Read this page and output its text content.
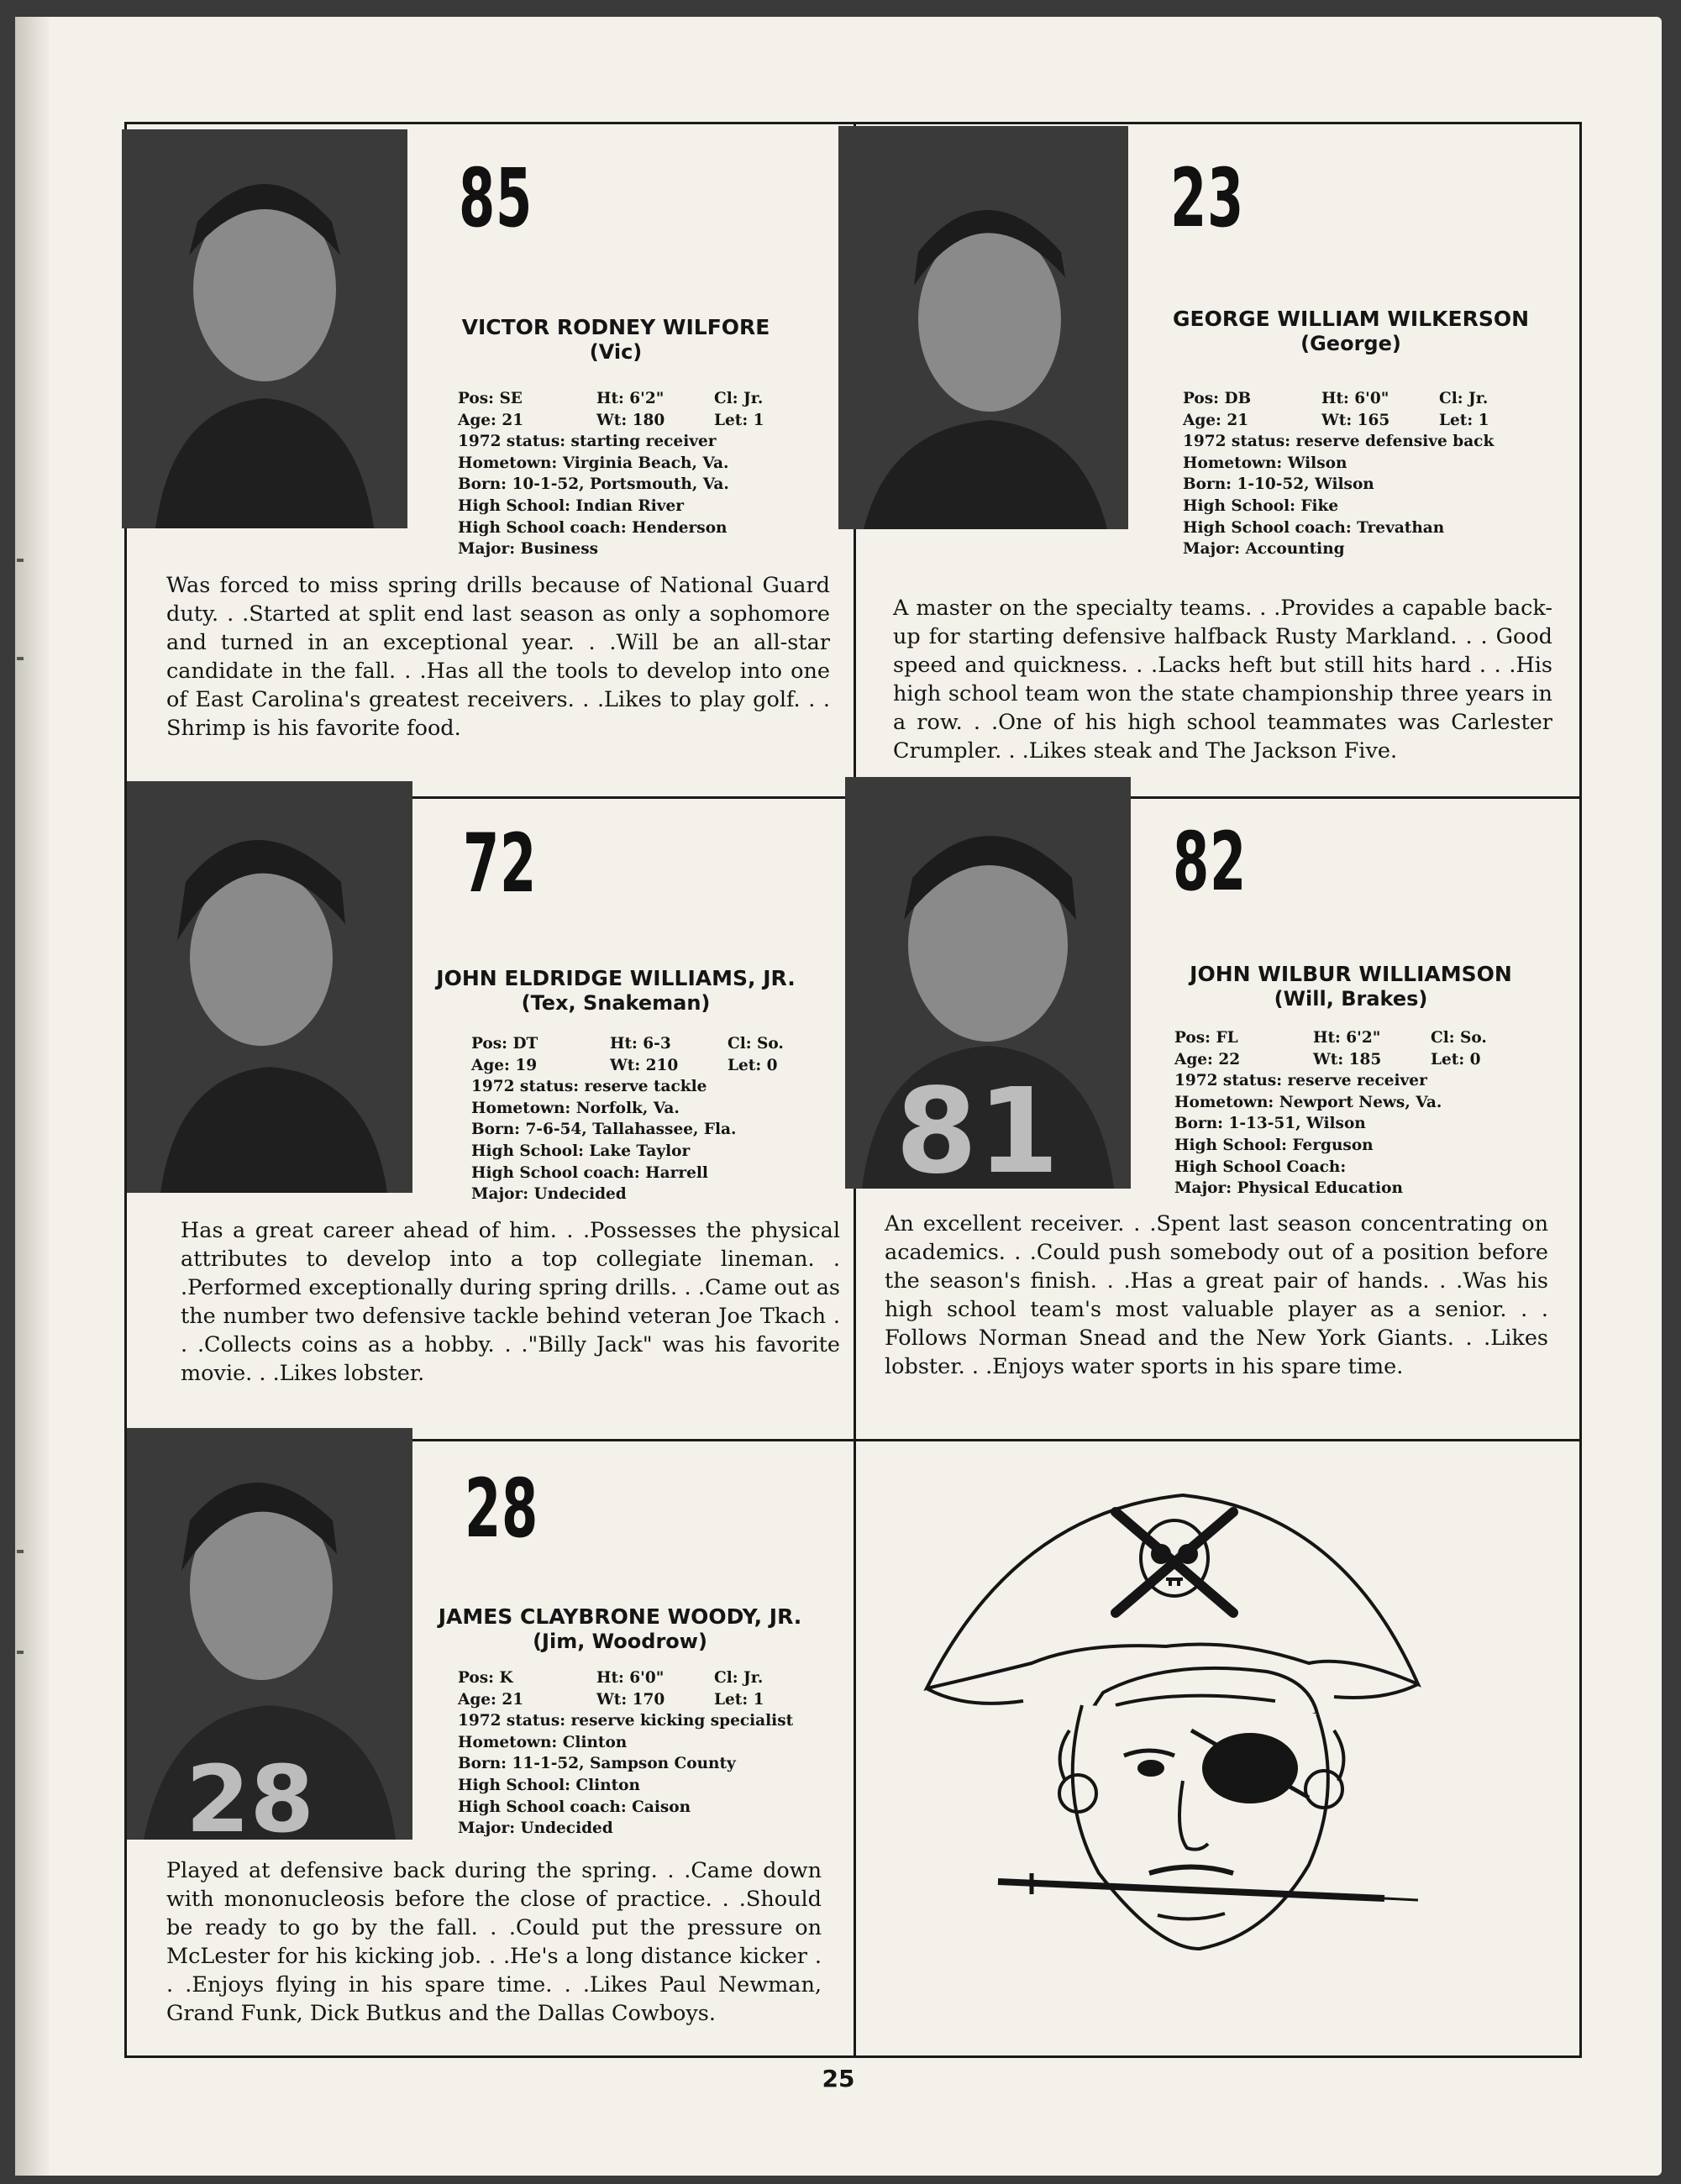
85
VICTOR RODNEY WILFORE
(Vic)
Pos: SE	Ht: 6'2"	Cl: Jr.
Age: 21	Wt: 180	Let: 1
1972 status: starting receiver
Hometown: Virginia Beach, Va.
Born: 10-1-52, Portsmouth, Va.
High School: Indian River
High School coach: Henderson
Major: Business
Was forced to miss spring drills because of National Guard duty. . .Started at split end last season as only a sophomore and turned in an exceptional year. . .Will be an all-star candidate in the fall. . .Has all the tools to develop into one of East Carolina's greatest receivers. . .Likes to play golf. . . Shrimp is his favorite food.
23
GEORGE WILLIAM WILKERSON
(George)
Pos: DB	Ht: 6'0"	Cl: Jr.
Age: 21	Wt: 165	Let: 1
1972 status: reserve defensive back
Hometown: Wilson
Born: 1-10-52, Wilson
High School: Fike
High School coach: Trevathan
Major: Accounting
A master on the specialty teams. . .Provides a capable back-up for starting defensive halfback Rusty Markland. . . Good speed and quickness. . .Lacks heft but still hits hard . . .His high school team won the state championship three years in a row. . .One of his high school teammates was Carlester Crumpler. . .Likes steak and The Jackson Five.
72
JOHN ELDRIDGE WILLIAMS, JR.
(Tex, Snakeman)
Pos: DT	Ht: 6-3	Cl: So.
Age: 19	Wt: 210	Let: 0
1972 status: reserve tackle
Hometown: Norfolk, Va.
Born: 7-6-54, Tallahassee, Fla.
High School: Lake Taylor
High School coach: Harrell
Major: Undecided
Has a great career ahead of him. . .Possesses the physical attributes to develop into a top collegiate lineman. . .Performed exceptionally during spring drills. . .Came out as the number two defensive tackle behind veteran Joe Tkach . . .Collects coins as a hobby. . ."Billy Jack" was his favorite movie. . .Likes lobster.
81
82
JOHN WILBUR WILLIAMSON
(Will, Brakes)
Pos: FL	Ht: 6'2"	Cl: So.
Age: 22	Wt: 185	Let: 0
1972 status: reserve receiver
Hometown: Newport News, Va.
Born: 1-13-51, Wilson
High School: Ferguson
High School Coach:
Major: Physical Education
An excellent receiver. . .Spent last season concentrating on academics. . .Could push somebody out of a position before the season's finish. . .Has a great pair of hands. . .Was his high school team's most valuable player as a senior. . . Follows Norman Snead and the New York Giants. . .Likes lobster. . .Enjoys water sports in his spare time.
28
28
JAMES CLAYBRONE WOODY, JR.
(Jim, Woodrow)
Pos: K	Ht: 6'0"	Cl: Jr.
Age: 21	Wt: 170	Let: 1
1972 status: reserve kicking specialist
Hometown: Clinton
Born: 11-1-52, Sampson County
High School: Clinton
High School coach: Caison
Major: Undecided
Played at defensive back during the spring. . .Came down with mononucleosis before the close of practice. . .Should be ready to go by the fall. . .Could put the pressure on McLester for his kicking job. . .He's a long distance kicker . . .Enjoys flying in his spare time. . .Likes Paul Newman, Grand Funk, Dick Butkus and the Dallas Cowboys.
25
